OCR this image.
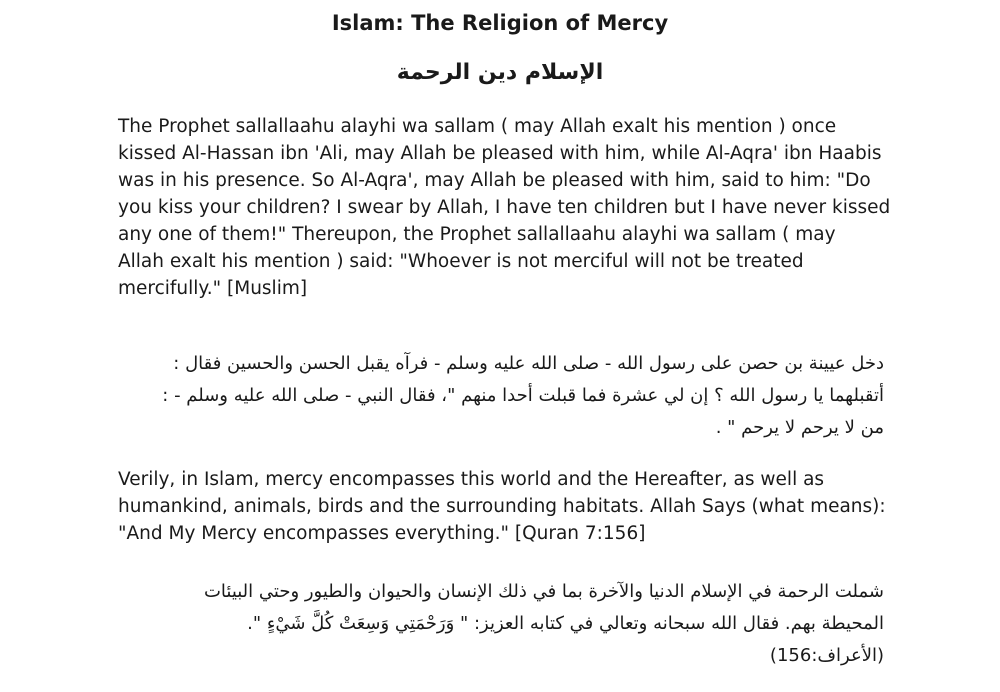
Islam: The Religion of Mercy
الإسلام دين الرحمة

The Prophet sallallaahu alayhi wa sallam ( may Allah exalt his mention ) once
kissed Al-Hassan ibn 'Ali, may Allah be pleased with him, while Al-Aqra' ibn Haabis
was in his presence. So Al-Aqra', may Allah be pleased with him, said to him: "Do
you kiss your children? I swear by Allah, I have ten children but I have never kissed
any one of them!" Thereupon, the Prophet sallallaahu alayhi wa sallam ( may
Allah exalt his mention ) said: "Whoever is not merciful will not be treated
mercifully." [Muslim]

دخل عيينة بن حصن على رسول الله - صلى الله عليه وسلم - فرآه يقبل الحسن والحسين فقال :
أتقبلهما يا رسول الله ؟ إن لي عشرة فما قبلت أحدا منهم "، فقال النبي - صلى الله عليه وسلم - :
من لا يرحم لا يرحم " .

Verily, in Islam, mercy encompasses this world and the Hereafter, as well as
humankind, animals, birds and the surrounding habitats. Allah Says (what means):
"And My Mercy encompasses everything." [Quran 7:156]

شملت الرحمة في الإسلام الدنيا والآخرة بما في ذلك الإنسان والحيوان والطيور وحتي البيئات
المحيطة بهم. فقال الله سبحانه وتعالي في كتابه العزيز: " وَرَحْمَتِي وَسِعَتْ كُلَّ شَيْءٍ ".
(الأعراف:156)
